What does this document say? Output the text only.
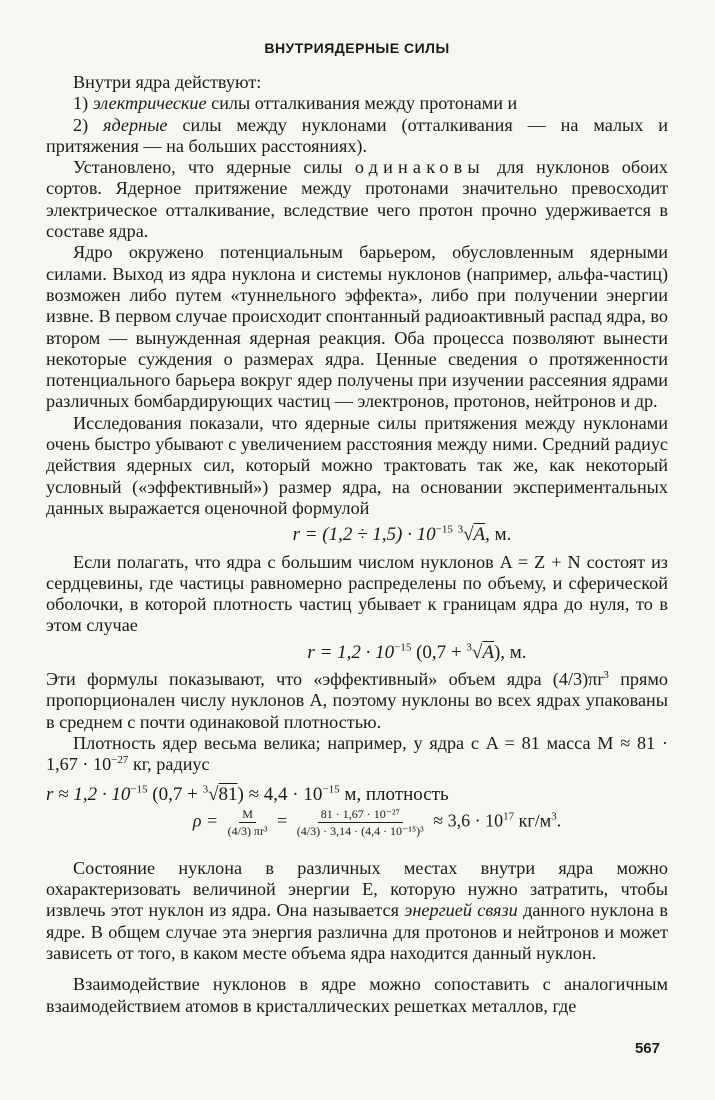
ВНУТРИЯДЕРНЫЕ СИЛЫ

Внутри ядра действуют:

1) электрические силы отталкивания между протонами и

2) ядерные силы между нуклонами (отталкивания — на малых и притяжения — на больших расстояниях).

Установлено, что ядерные силы одинаковы для нуклонов обоих сортов. Ядерное притяжение между протонами значительно превосходит электрическое отталкивание, вследствие чего протон прочно удерживается в составе ядра.

Ядро окружено потенциальным барьером, обусловленным ядерными силами. Выход из ядра нуклона и системы нуклонов (например, альфа-частиц) возможен либо путем «туннельного эффекта», либо при получении энергии извне. В первом случае происходит спонтанный радиоактивный распад ядра, во втором — вынужденная ядерная реакция. Оба процесса позволяют вынести некоторые суждения о размерах ядра. Ценные сведения о протяженности потенциального барьера вокруг ядер получены при изучении рассеяния ядрами различных бомбардирующих частиц — электронов, протонов, нейтронов и др.

Исследования показали, что ядерные силы притяжения между нуклонами очень быстро убывают с увеличением расстояния между ними. Средний радиус действия ядерных сил, который можно трактовать так же, как некоторый условный («эффективный») размер ядра, на основании экспериментальных данных выражается оценочной формулой

$r = (1,2 \div 1,5) \cdot 10^{-15}$ $^3$√A, м.

Если полагать, что ядра с большим числом нуклонов A = Z + N состоят из сердцевины, где частицы равномерно распределены по объему, и сферической оболочки, в которой плотность частиц убывает к границам ядра до нуля, то в этом случае

$r = 1,2 \cdot 10^{-15}$ (0,7 + $^3$√A), м.

Эти формулы показывают, что «эффективный» объем ядра $(4/3)\pi r^3$ прямо пропорционален числу нуклонов A, поэтому нуклоны во всех ядрах упакованы в среднем с почти одинаковой плотностью.

Плотность ядер весьма велика; например, у ядра с A = 81 масса $M \approx 81 \cdot 1,67 \cdot 10^{-27}$ кг, радиус

$r \approx 1,2 \cdot 10^{-15}$ $(0,7 + ^3√81) \approx 4,4 \cdot 10^{-15}$ м, плотность
$\rho = \frac{M}{\text{(4/3) πr³}} = \frac{\text{81 · 1,67 · 10⁻²⁷}}{\text{(4/3) · 3,14 · (4,4 · 10⁻¹⁵)³}} \approx 3,6 \cdot 10^{17}$ $кг/м^3$.

Состояние нуклона в различных местах внутри ядра можно охарактеризовать величиной энергии E, которую нужно затратить, чтобы извлечь этот нуклон из ядра. Она называется энергией связи данного нуклона в ядре. В общем случае эта энергия различна для протонов и нейтронов и может зависеть от того, в каком месте объема ядра находится данный нуклон.

Взаимодействие нуклонов в ядре можно сопоставить с аналогичным взаимодействием атомов в кристаллических решетках металлов, где

567
